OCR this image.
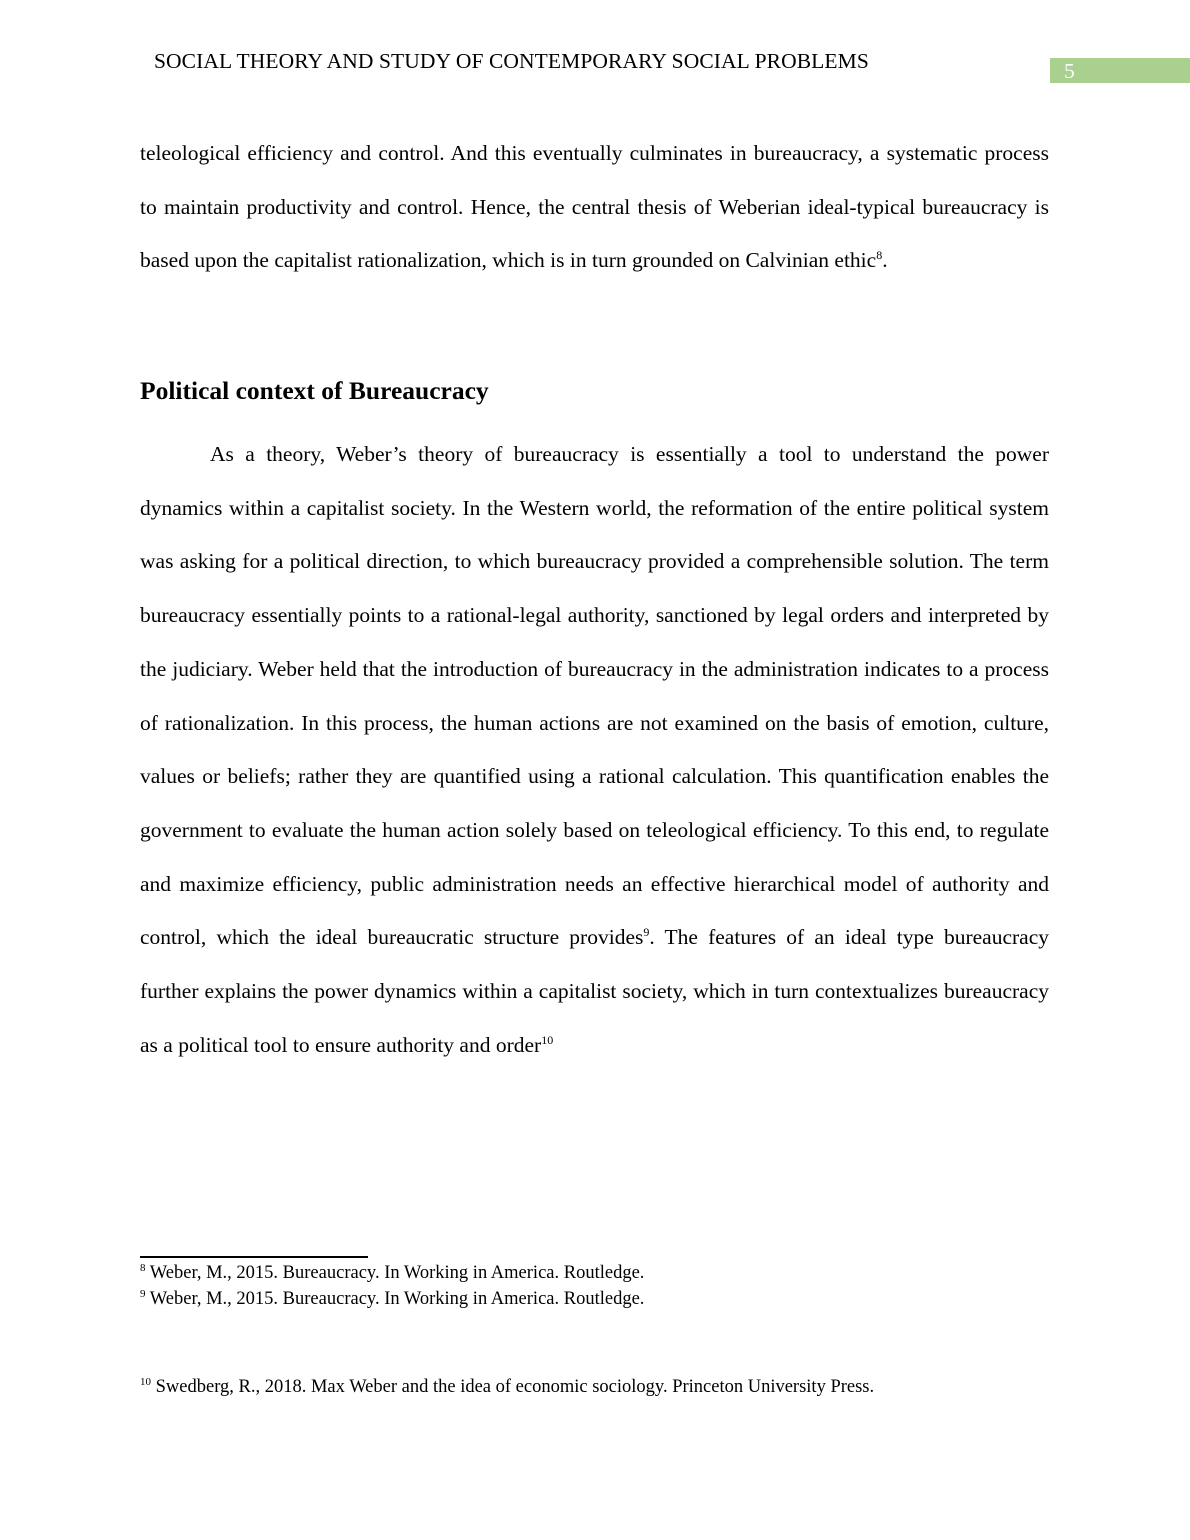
SOCIAL THEORY AND STUDY OF CONTEMPORARY SOCIAL PROBLEMS	5

teleological efficiency and control. And this eventually culminates in bureaucracy, a systematic process to maintain productivity and control. Hence, the central thesis of Weberian ideal-typical bureaucracy is based upon the capitalist rationalization, which is in turn grounded on Calvinian ethic$^8$.

Political context of Bureaucracy

As a theory, Weber’s theory of bureaucracy is essentially a tool to understand the power dynamics within a capitalist society. In the Western world, the reformation of the entire political system was asking for a political direction, to which bureaucracy provided a comprehensible solution. The term bureaucracy essentially points to a rational-legal authority, sanctioned by legal orders and interpreted by the judiciary. Weber held that the introduction of bureaucracy in the administration indicates to a process of rationalization. In this process, the human actions are not examined on the basis of emotion, culture, values or beliefs; rather they are quantified using a rational calculation. This quantification enables the government to evaluate the human action solely based on teleological efficiency. To this end, to regulate and maximize efficiency, public administration needs an effective hierarchical model of authority and control, which the ideal bureaucratic structure provides$^9$. The features of an ideal type bureaucracy further explains the power dynamics within a capitalist society, which in turn contextualizes bureaucracy as a political tool to ensure authority and order$^{10}$

$^8$ Weber, M., 2015. Bureaucracy. In Working in America. Routledge.
$^9$ Weber, M., 2015. Bureaucracy. In Working in America. Routledge.
$^{10}$ Swedberg, R., 2018. Max Weber and the idea of economic sociology. Princeton University Press.
